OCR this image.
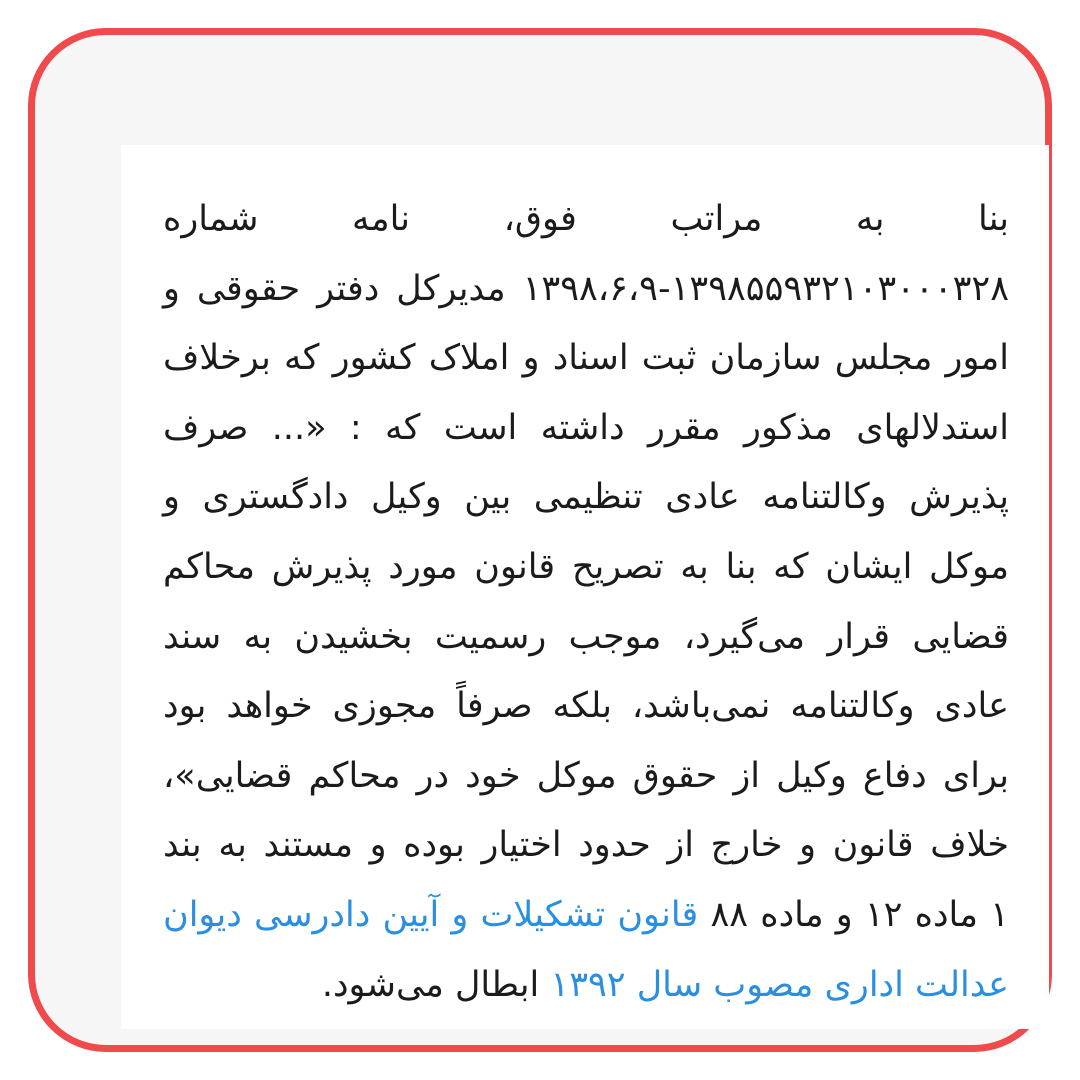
بنا به مراتب فوق، نامه شماره
۱۳۹۸،۶،۹-۱۳۹۸۵۵۹۳۲۱۰۳۰۰۰۳۲۸ مدیرکل دفتر حقوقی و
امور مجلس سازمان ثبت اسناد و املاک کشور که برخلاف
استدلالهای مذکور مقرر داشته است که : «... صرف
پذیرش وکالتنامه عادی تنظیمی بین وکیل دادگستری و
موکل ایشان که بنا به تصریح قانون مورد پذیرش محاکم
قضایی قرار می‌گیرد، موجب رسمیت بخشیدن به سند
عادی وکالتنامه نمی‌باشد، بلکه صرفاً مجوزی خواهد بود
برای دفاع وکیل از حقوق موکل خود در محاکم قضایی»،
خلاف قانون و خارج از حدود اختیار بوده و مستند به بند
۱ ماده ۱۲ و ماده ۸۸ قانون تشکیلات و آیین دادرسی دیوان
عدالت اداری مصوب سال ۱۳۹۲ ابطال می‌شود.
